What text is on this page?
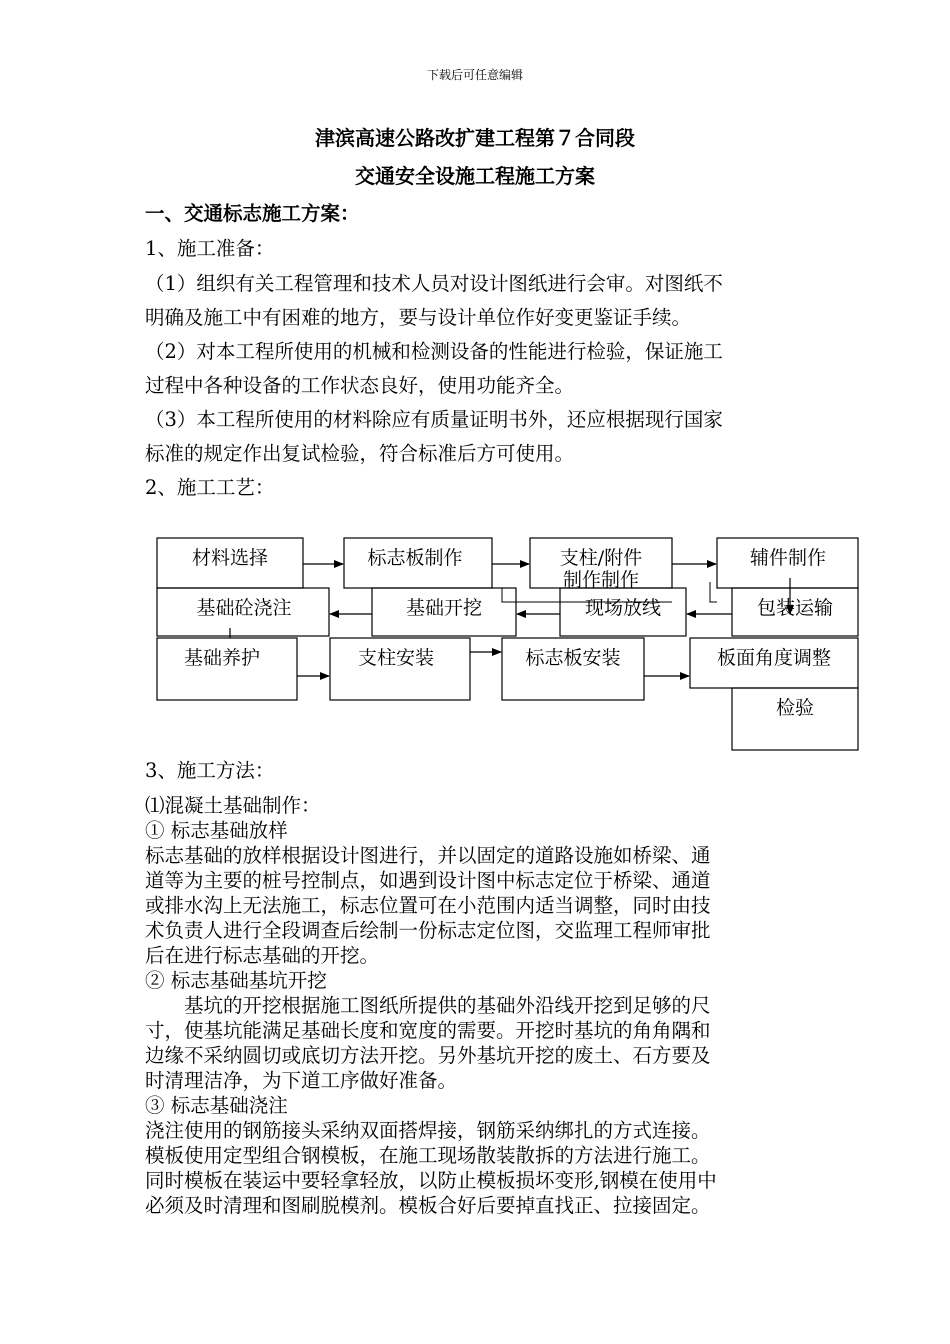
下载后可任意编辑
津滨高速公路改扩建工程第７合同段
交通安全设施工程施工方案
一、交通标志施工方案：
1、施工准备：
（1）组织有关工程管理和技术人员对设计图纸进行会审。对图纸不
明确及施工中有困难的地方，要与设计单位作好变更鉴证手续。
（2）对本工程所使用的机械和检测设备的性能进行检验，保证施工
过程中各种设备的工作状态良好，使用功能齐全。
（3）本工程所使用的材料除应有质量证明书外，还应根据现行国家
标准的规定作出复试检验，符合标准后方可使用。
2、施工工艺：
材料选择	标志板制作	支柱/附件
制作制作
辅件制作
基础砼浇注	基础开挖	现场放线	包装运输
基础养护	支柱安装	标志板安装	板面角度调整
检验
3、施工方法：
⑴混凝土基础制作：
① 标志基础放样
标志基础的放样根据设计图进行，并以固定的道路设施如桥梁、通
道等为主要的桩号控制点，如遇到设计图中标志定位于桥梁、通道
或排水沟上无法施工，标志位置可在小范围内适当调整，同时由技
术负责人进行全段调查后绘制一份标志定位图，交监理工程师审批
后在进行标志基础的开挖。
② 标志基础基坑开挖
　　基坑的开挖根据施工图纸所提供的基础外沿线开挖到足够的尺
寸，使基坑能满足基础长度和宽度的需要。开挖时基坑的角角隅和
边缘不采纳圆切或底切方法开挖。另外基坑开挖的废土、石方要及
时清理洁净，为下道工序做好准备。
③ 标志基础浇注
浇注使用的钢筋接头采纳双面搭焊接，钢筋采纳绑扎的方式连接。
模板使用定型组合钢模板，在施工现场散装散拆的方法进行施工。
同时模板在装运中要轻拿轻放，以防止模板损坏变形,钢模在使用中
必须及时清理和图刷脱模剂。模板合好后要掉直找正、拉接固定。
